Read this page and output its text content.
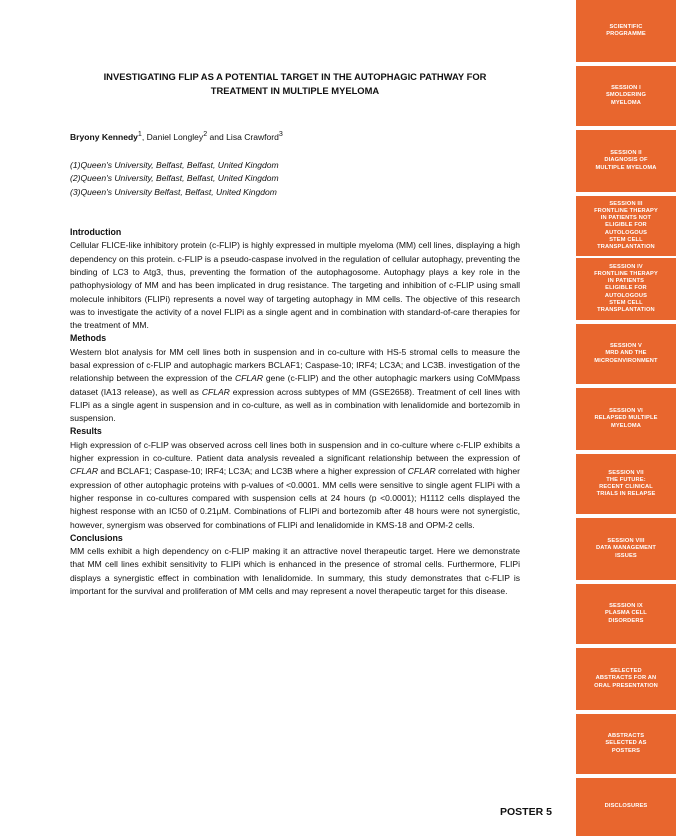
INVESTIGATING FLIP AS A POTENTIAL TARGET IN THE AUTOPHAGIC PATHWAY FOR TREATMENT IN MULTIPLE MYELOMA
Bryony Kennedy$^1$, Daniel Longley$^2$ and Lisa Crawford$^3$
(1)Queen's University, Belfast, Belfast, United Kingdom
(2)Queen's University, Belfast, Belfast, United Kingdom
(3)Queen's University Belfast, Belfast, United Kingdom
Introduction

Cellular FLICE-like inhibitory protein (c-FLIP) is highly expressed in multiple myeloma (MM) cell lines, displaying a high dependency on this protein. c-FLIP is a pseudo-caspase involved in the regulation of cellular autophagy, preventing the binding of LC3 to Atg3, thus, preventing the formation of the autophagosome. Autophagy plays a key role in the pathophysiology of MM and has been implicated in drug resistance. The targeting and inhibition of c-FLIP using small molecule inhibitors (FLIPi) represents a novel way of targeting autophagy in MM cells. The objective of this research was to investigate the activity of a novel FLIPi as a single agent and in combination with standard-of-care therapies for the treatment of MM.

Methods

Western blot analysis for MM cell lines both in suspension and in co-culture with HS-5 stromal cells to measure the basal expression of c-FLIP and autophagic markers BCLAF1; Caspase-10; IRF4; LC3A; and LC3B. investigation of the relationship between the expression of the CFLAR gene (c-FLIP) and the other autophagic markers using CoMMpass dataset (IA13 release), as well as CFLAR expression across subtypes of MM (GSE2658). Treatment of cell lines with FLIPi as a single agent in suspension and in co-culture, as well as in combination with lenalidomide and bortezomib in suspension.

Results

High expression of c-FLIP was observed across cell lines both in suspension and in co-culture where c-FLIP exhibits a higher expression in co-culture. Patient data analysis revealed a significant relationship between the expression of CFLAR and BCLAF1; Caspase-10; IRF4; LC3A; and LC3B where a higher expression of CFLAR correlated with higher expression of other autophagic proteins with p-values of <0.0001. MM cells were sensitive to single agent FLIPi with a higher response in co-cultures compared with suspension cells at 24 hours (p <0.0001); H1112 cells displayed the highest response with an IC50 of 0.21µM. Combinations of FLIPi and bortezomib after 48 hours were not synergistic, however, synergism was observed for combinations of FLIPi and lenalidomide in KMS-18 and OPM-2 cells.

Conclusions

MM cells exhibit a high dependency on c-FLIP making it an attractive novel therapeutic target. Here we demonstrate that MM cell lines exhibit sensitivity to FLIPi which is enhanced in the presence of stromal cells. Furthermore, FLIPi displays a synergistic effect in combination with lenalidomide. In summary, this study demonstrates that c-FLIP is important for the survival and proliferation of MM cells and may represent a novel therapeutic target for this disease.

POSTER 5
SCIENTIFIC
PROGRAMME
SESSION I
SMOLDERING
MYELOMA
SESSION II
DIAGNOSIS OF
MULTIPLE MYELOMA
SESSION III
FRONTLINE THERAPY
IN PATIENTS NOT
ELIGIBLE FOR
AUTOLOGOUS
STEM CELL
TRANSPLANTATION
SESSION IV
FRONTLINE THERAPY
IN PATIENTS
ELIGIBLE FOR
AUTOLOGOUS
STEM CELL
TRANSPLANTATION
SESSION V
MRD AND THE
MICROENVIRONMENT
SESSION VI
RELAPSED MULTIPLE
MYELOMA
SESSION VII
THE FUTURE:
RECENT CLINICAL
TRIALS IN RELAPSE
SESSION VIII
DATA MANAGEMENT
ISSUES
SESSION IX
PLASMA CELL
DISORDERS
SELECTED
ABSTRACTS FOR AN
ORAL PRESENTATION
ABSTRACTS
SELECTED AS
POSTERS
DISCLOSURES
